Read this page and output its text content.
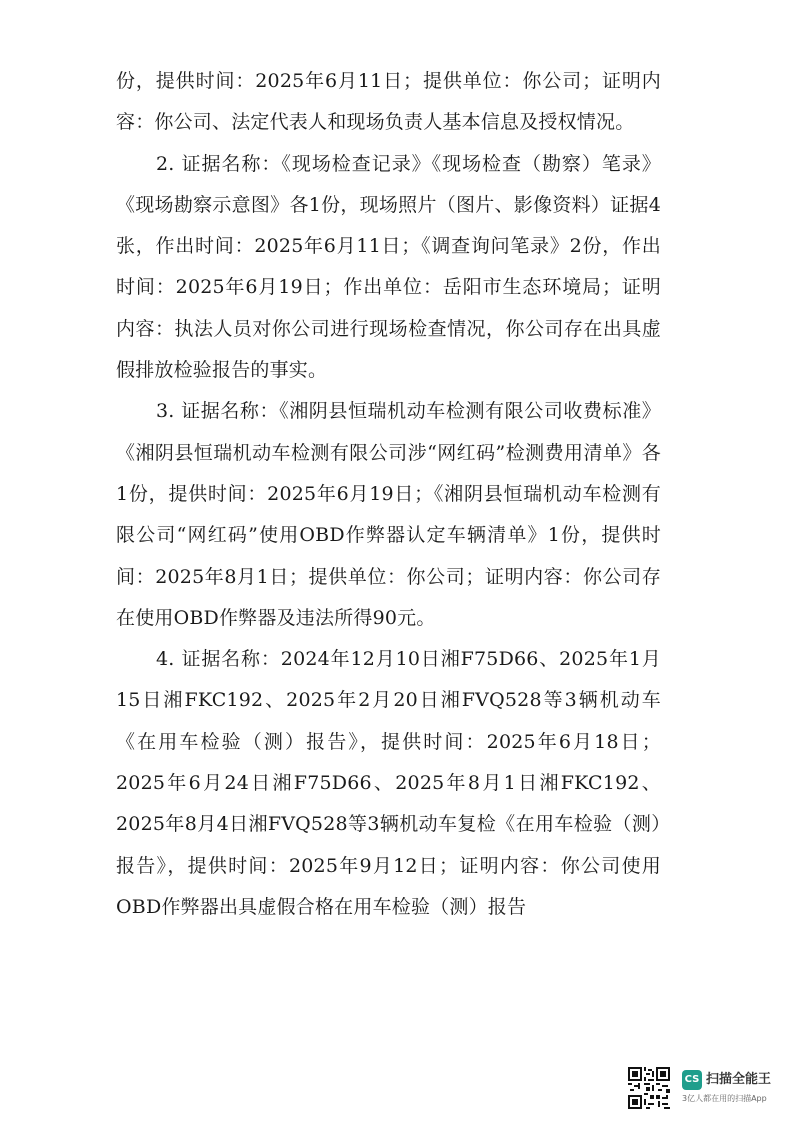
份，提供时间：2025年6月11日；提供单位：你公司；证明内容：你公司、法定代表人和现场负责人基本信息及授权情况。

2. 证据名称：《现场检查记录》《现场检查（勘察）笔录》《现场勘察示意图》各1份，现场照片（图片、影像资料）证据4张，作出时间：2025年6月11日；《调查询问笔录》2份，作出时间：2025年6月19日；作出单位：岳阳市生态环境局；证明内容：执法人员对你公司进行现场检查情况，你公司存在出具虚假排放检验报告的事实。

3. 证据名称：《湘阴县恒瑞机动车检测有限公司收费标准》《湘阴县恒瑞机动车检测有限公司涉“网红码”检测费用清单》各1份，提供时间：2025年6月19日；《湘阴县恒瑞机动车检测有限公司“网红码”使用OBD作弊器认定车辆清单》1份，提供时间：2025年8月1日；提供单位：你公司；证明内容：你公司存在使用OBD作弊器及违法所得90元。

4. 证据名称：2024年12月10日湘F75D66、2025年1月15日湘FKC192、2025年2月20日湘FVQ528等3辆机动车《在用车检验（测）报告》，提供时间：2025年6月18日；2025年6月24日湘F75D66、2025年8月1日湘FKC192、2025年8月4日湘FVQ528等3辆机动车复检《在用车检验（测）报告》，提供时间：2025年9月12日；证明内容：你公司使用OBD作弊器出具虚假合格在用车检验（测）报告

CS 扫描全能王
3亿人都在用的扫描App
